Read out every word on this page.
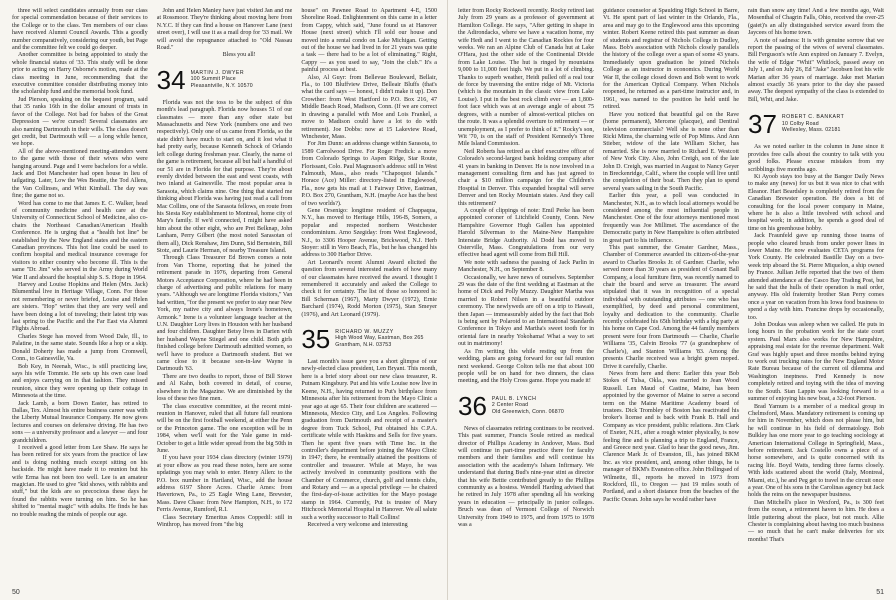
three will select candidates annually from our class for special commendation because of their services to the College or to the class. Ten members of our class have received Alumni Council Awards. This a goodly number comparatively, considering our youth, but Page and the committee felt we could go deeper.

Another committee is being appointed to study the whole financial status of '33. This study will be done prior to acting on Harry Osborne's motion, made at the class meeting in June, recommending that the executive committee consider distributing money into the scholarship fund and the memorial book fund.

Jud Pierson, speaking on the bequest program, said that 35 ranks 16th in the dollar amount of trusts in favor of the College. Not bad for babes of the Great Depression — we're cursed! Several classmates are also naming Dartmouth in their wills. The class doesn't get credit, but Dartmouth will — a long while hence, we hope.

All of the above-mentioned meeting-attenders went to the game with those of their wives who were hanging around. Page and I were bachelors for a while. Jack and Dot Manchester had open house in lieu of tailgating. Later, Low the Wes Beattie, the Tod Allens, the Van Collinses, and Whit Kimball. The day was fine; the game not so.

Word has come to me that James E. C. Walker, head of community medicine and health care at the University of Connecticut School of Medicine, also co-chairs the Northeast Canadian/American Health Conference. He is urging that a "health hot line" be established by the New England states and the eastern Canadian provinces. This hot line could be used to confirm hospital and medical insurance coverage for visitors to either country who become ill. This is the same "Dr. Jim" who served in the Army during World War II and aboard the hospital ship S. S. Hope in 1964.

Harvey and Louise Hopkins and Helen (Mrs. Jack) Blumenthal live in Heritage Village, Conn. For those not remembering or never briefed, Louise and Helen are sisters. "Hop" writes that they are very well and have been doing a lot of traveling; their latest trip was last spring to the Pacific and the Far East via Alumni Flights Abroad.

Charles Stege has moved from Wood Dale, Ill., to Palatine, in the same state. Sounds like a hop or a skip. Donald Doherty has made a jump from Cromwell, Conn., to Gainesville, Va.

Bob Key, in Neenah, Wisc., is still practicing law, says his wife Tommie. He sets up his own case load and enjoys carrying on in that fashion. They missed reunion, since they were opening up their cottage in Minnesota at the time.

Jack Lamb, a born Down Easter, has retired to Dallas, Tex. Almost his entire business career was with the Liberty Mutual Insurance Company. He now gives lectures and courses on defensive driving. He has two sons — a university professor and a lawyer — and four grandchildren.

I received a good letter from Lee Shaw. He says he has been retired for six years from the practice of law and is doing nothing much except sitting on his backside. He might have made it to reunion but his wife Erma has not been too well. Lee is an amateur magician. He used to give "kid shows, with rabbits and stuff," but the kids are so precocious these days he found the rabbits were turning on him. So he has shifted to "mental magic" with adults. He finds he has no trouble reading the minds of people our age.

John and Helen Manley have just visited Jan and me at Rossmoor. They're thinking about moving here from N.Y.C. If they can find a house on Hanover Lane (next street over), I will use it as a mail drop for '33 mail. We will avoid the repugnance attached to "Old Nassau Road."

Bless you all!

34 MARTIN J. DWYER
100 Summit Place
Pleasantville, N.Y. 10570

Florida was not the toss to be the subject of this month's lead paragraph. Florida now houses 51 of our classmates — more than any other state but Massachusetts and New York (numbers one and two respectively). Only one of us came from Florida, so the state didn't have much to start on, and it lost what it had pretty early, because Kenneth Schock of Orlando left college during freshman year. Clearly, the name of the game is retirement, because all but half a handful of our 51 are in Florida for that purpose. They're about evenly divided between the east and west coasts, with two inland at Gainesville. The most popular area is Sarasota, which claims nine. One thing that started me thinking about Florida was having just read a call from Mac Collins, one of the Sarasota fellows, en route from his Siesta Key establishment to Montreal, home city of Mary's family. If we'd connected, I might have asked him about the other eight, who are Pret Belknap, John Lanham, Perry Gilbert (the most noted Sarasotan of them all), Dick Renshaw, Jim Dunn, Sid Bernstein, Bill Stotz, and Laurie Herman, of nearby Treasure Island.

Through Class Treasurer Ed Brown comes a note from Van Thorne, reporting that he joined the retirement parade in 1976, departing from General Motors Acceptance Corporation, where he had been in charge of advertising and public relations for many years. "Although we are longtime Florida visitors," Van had written, "for the present we prefer to stay near New York, my native city and always Irene's hometown, Armonk." Irene is a volunteer language teacher at the U.N. Daughter Lory lives in Houston with her husband and four children. Daughter Betsy lives in Darien with her husband Wayne Stiegel and one child. Both girls finished college before Dartmouth admitted women, so we'll have to produce a Dartmouth student. But we came close to it because son-in-law Wayne is Dartmouth '63.

There are two deaths to report, those of Bill Stowe and Al Kahn, both covered in detail, of course, elsewhere in the Magazine. We are diminished by the loss of these two fine men.

The class executive committee, at the recent mini-reunion in Hanover, ruled that all future fall reunions will be on the first football weekend, at either the Penn or the Princeton game. The one exception will be in 1984, when we'll wait for the Yale game in mid-October to get a little wider spread from the big 50th in June.

If you have your 1934 class directory (winter 1979) at your elbow as you read these notes, here are some updatings you may wish to enter. Henry Allen: to the P.O. box number in Hartland, Wisc., add the house address 6197 Shore Acres. Charlie Ames: from Havertown, Pa., to 25 Eagle Wing Lane, Brewster, Mass. Dave Chase: from New Hampton, N.H., to 172 Ferris Avenue, Rumford, R.I.

Class Secretary Emeritus Amos Coppedil: still in Winthrop, has moved from "the big

house" on Pawnee Road to Apartment 4-E, 1500 Shoreline Road. Enlightenment on this came in a letter from Cappy, which said, "June found us at Hanover House (next street) which I'll sold our house and moved into a rental condo on Lake Michigan. Getting out of the house we had lived in for 21 years was quite a task — there had to be a lot of eliminating." Right, Cappy — as you used to say, "Join the club." It's a painful process at best.

Also, Al Guyr: from Bellevue Boulevard, Bellair, Fla., to 100 Bluffview Drive, Belleair Bluffs (that's what the card says — honest, I didn't make it up). Don Crowther: from West Hartford to P.O. Box 216, 47 Middle Beach Road, Madison, Conn. (If we are correct in drawing a parallel with Moe and Lois Frankel, a move to Madison could have a lot to do with retirement). Joe Dobbs: now at 15 Lakeview Road, Winchester, Mass.

For Jim Dunn: an address change within Sarasota, to 1589 Carrolwood Drive. For Roger Fredick: a move from Colorado Springs to Aspen Ridge, Star Route, Florissant, Colo. Paul Magnuson's address: still in West Falmouth, Mass., also reads "Chapoquoi Islands." Horace (Ace) Miller: directory-listed in Englewood, Fla., now gets his mail at 1 Fairway Drive, Eastman, P.O. Box 270, Grantham, N.H. (maybe Ace has the best of two worlds?).

Gene Orsenigo: longtime resident of Chappaqua, N.Y., has moved to Heritage Hills, 196-B, Somers, a popular and respected northern Westchester condominium. Arno Szegiday: from West Englewood, N.J., to 3306 Hooper Avenue, Brickwood, N.J. Herb Stoyer: still in Vero Beach, Fla., but he has changed his address to 300 Harbor Drive.

Art Leonard's recent Alumni Award elicited the question from several interested readers of how many of our classmates have received the award. I thought I remembered it accurately and asked the College to check it for certainty. The list of those so honored is: Bill Scherman (1967), Marty Dwyer (1972), Ernie Barchard (1974), Rodd Morton (1975), Stan Smeyer (1976), and Art Leonard (1979).

35 RICHARD W. MUZZY
High Wood Way, Eastman, Box 265
Grantham, N.H. 03753

Last month's issue gave you a short glimpse of our newly-elected class president, Len Bryant. This month, here is a brief story about our new class treasurer, R. Putnam Kingsbury. Put and his wife Louise now live in Keene, N.H., having returned to Put's birthplace from Minnesota after his retirement from the Mayo Clinic a year ago at age 65. Their four children are scattered — Minnesota, Mexico City, and Los Angeles. Following graduation from Dartmouth and receipt of a master's degree from Tuck School, Put obtained his C.P.A. certificate while with Haskins and Sells for five years. Then he spent five years with Time Inc. in the controller's department before joining the Mayo Clinic in 1947; there, he eventually attained the positions of controller and treasurer. While at Mayo, he was actively involved in community positions with the Chamber of Commerce, church, golf and tennis clubs, and Rotary and — as a special privilege — he chaired the first-day-of-issue activities for the Mayo postage stamp in 1964. Currently, Put is trustee of Mary Hitchcock Memorial Hospital in Hanover. We all salute such a worthy successor to Hall Collins!

Received a very welcome and interesting

50

letter from Rocky Rockwell recently. Rocky retired last July from 29 years as a professor of government at Hamilton College. He says, "After getting in shape in the Adirondacks, where we have a vacation home, my wife Hedi and I went to the Canadian Rockies for four weeks. We ran an Alpine Club of Canada hut at Lake O'Hara, just the other side of the Continental Divide from Lake Louise. The hut is ringed by mountains 9,000 to 11,000 feet high. We put in a lot of climbing. Thanks to superb weather, Heidi pulled off a real tour de force by traversing the entire ridge of Mt. Victoria (which is the mountain in the classic view from Lake Louise). I put in the best rock climb ever — an 1,800-foot face which was at an average angle of about 75 degrees, with a number of almost-vertical pitches on the route. It was a splendid overture to retirement — or unemployment, as I prefer to think of it." Rocky's son, Wit '70, is on the staff of President Kennedy's Three Mile Island Commission.

Neil Roberts has retired as chief executive officer of Colorado's second-largest bank holding company after 41 years in banking in Denver. He is now involved in a management consulting firm and has just agreed to chair a $10 million campaign for the Children's Hospital in Denver. This expanded hospital will serve Denver and ten Rocky Mountain states. And they call this retirement?

A couple of clippings of note: Emil Perke has been appointed coroner of Litchfield County, Conn. New Hampshire Governor Hugh Gallen has appointed Harold Silverman to the Maine-New Hampshire Interstate Bridge Authority. Al Dodd has moved to Osterville, Mass. Congratulations from our very effective head agent will come from Bill Hill.

We note with sadness the passing of Jack Parlin in Manchester, N.H., on September 8.

Occasionally, we have news of ourselves. September 29 was the date of the first wedding at Eastman at the home of Dick and Polly Muzzy. Daughter Martha was married to Robert Nilsen in a beautiful outdoor ceremony. The newlyweds are off on a trip to Hawaii, then Japan — immeasurably aided by the fact that Bob is being sent by Polaroid to an International Standards Conference in Tokyo and Martha's sweet tooth for in oriental fare in nearby Yokohama! What a way to set out in matrimony!

As I'm writing this while resting up from the wedding, plans are going forward for our fall reunion next weekend. George Colton tells me that about 100 people will be on hand for two dinners, the class meeting, and the Holy Cross game. Hope you made it!

36 PAUL B. LYNCH
2 Center Road
Old Greenwich, Conn. 06870

News of classmates retiring continues to be received. This past summer, Francis Soule retired as medical director of Phillips Academy in Andover, Mass. Bud will continue in part-time practice there for faculty members and their families and will continue his association with the academy's Isham Infirmary. We understand that during Bud's nine-year stint as director that his wife Bettie contributed greatly to the Phillips community as a hostess. Wendell Harding advised that he retired in July 1978 after spending all his working years in education — principally in junior colleges. Bruch was dean of Vermont College of Norwich University from 1949 to 1975, and from 1975 to 1978 was a

guidance counselor at Spaulding High School in Barre, Vt. He spent part of last winter in the Orlando, Fla., area and may go to the Englewood area this upcoming winter. Robert Keene retired this past summer as dean of students and registrar of Nichols College in Dudley, Mass. Bob's association with Nichols closely parallels the history of the college over a span of some 43 years. Immediately upon graduation he joined Nichols College as an instructor in economics. During World War II, the college closed down and Bob went to work for the American Optical Company. When Nichols reopened, he returned as a part-time instructor and, in 1961, was named to the position he held until he retired.

Have you noticed that beautiful gal on the Rave (home permanent), Mercene (placque), and Dentiral television commercials? Well she is none other than Ricki Mims, the charming wife of Pop Mims. And Ann Stieber, widow of the late William Sicher, has remarried. She is now married to Richard E. Westcott of New York City. Also, John Creigh, son of the late John D. Creigh, was married in August to Nancy Geyer in Breckenridge, Calif., where the couple will live until the completion of their boat. Then they plan to spend several years sailing in the South Pacific.

Earlier this year, a poll was conducted in Manchester, N.H., as to which local attorneys would be considered among the most influential people in Manchester. One of the four attorneys mentioned most frequently was Joe Millimet. The ascendance of the Democratic party in New Hampshire is often attributed in great part to his influence.

This past summer, the Greater Gardner, Mass., Chamber of Commerce awarded its citizen-of-the-year award to Charles Brooks Jr. of Gardner. Charlie, who served more than 30 years as president of Conant Ball Company, a local furniture firm, was recently named to chair the board and serve as treasurer. The award stipulated that it was in recognition of a special individual with outstanding attributes — one who has exemplified, by deed and personal commitment, loyalty and dedication to the community. Charlie recently celebrated his 65th birthday with a big party at his home on Cape Cod. Among the 44 family members present were four from Dartmouth — Charlie, Charlie Williams '35, Calvin Brooks '77 (a grandnephew of Charlie's), and Stanton Williams '83. Among the presents Charlie received was a bright green moped. Drive it carefully, Charlie.

News from here and there: Earlier this year Bob Stokes of Tulsa, Okla., was married to Jean Wood Russell. Len Maud of Castine, Maine, has been appointed by the governor of Maine to serve a second term on the Maine Maritime Academy board of trustees. Dick Trombley of Boston has reactivated his broker's license and is back with Frank B. Hall and Company as vice president, public relations. Jim Clark of Exeter, N.H., after a rough winter physically, is now feeling fine and is planning a trip to England, France, and Greece next year. Glad to hear the good news, Jim. Clarence Mark Jr. of Evanston, Ill., has joined BKM Inc. as vice president, and, among other things, he is manager of BKM's Evanston office. John Hollingsed of Wilmette, Ill., reports he moved in 1973 from Rockford, Ill., to Oregon — just 19 miles south of Portland, and a short distance from the beaches of the Pacific Ocean. John says he would rather have

rain than snow any time! And a few months ago, Walt Mosenthal of Chagrin Falls, Ohio, received the over-25 (gaiet)'s an ally distinguished service award from the Jaycees of his home town.

A note of sadness: It is with genuine sorrow that we report the passing of the wives of several classmates. Bill Ferguson's wife Ann expired on January 7. Evelyn, the wife of Edgar "Whit" Whitlock, passed away on July 1, and on July 26, Ed "Jake" Jacobsen lost his wife Marian after 36 years of marriage. Jake met Marian almost exactly 36 years prior to the day she passed away. The deepest sympathy of the class is extended to Bill, Whit, and Jake.

37 ROBERT C. BANKART
10 Colby Road
Wellesley, Mass. 02181

As we noted earlier in the column in June since it provides free calls about the country to talk with you good folks. Please excuse mistakes from my scribblings five months ago.

Ki Ayoob stays too busy at the Bangor Daily News to make any (news) for us but it was nice to chat with Eleanor. Hart Beardsley is completely retired from the Canadian Brewster operation. He does a bit of consulting for the local power company in Maine, where he is also a little involved with school and hospital work; in addition, he spends a good deal of time on his greenhouse hobby.

Jack Fraunfeld gave up running those teams of people who cleared brush from under power lines in lower Maine. He now evaluates CETA programs for York County. He celebrated Bastille Day on a two-week trip aboard the St. Pierre Miquelon, a ship owned by France. Jullian Jeffe reported that the two of them attended attendance at the Casco Bay Trading Post, but he said that the hulls of their operation is mail order, anyway. His old fraternity brother Stan Perry comes once a year on vacation from his Iowa food business to spend a day with him. Francine drops by occasionally, too.

John Doukas was asleep when we called. He puts in long hours in the probation work for the state court system. Paul Marx also works for New Hampshire, appraising real estate for the revenue department. Walt Graf was highly upset and three months behind trying to work out trucking rates for the New England Motor Rate Bureau because of the current oil dilemma and Washington ineptness. Fred Kennedy is now completely retired and toying with the idea of moving to the South. Stan Lappin was looking forward to a summer of enjoying his new boat, a 32-foot Pierson.

Brad Yarnum is a member of a medical group in Chelmsford, Mass. Mandatory retirement is coming up for him in November, which does not please him, but he will continue in his field of dermatology. Bob Bulkley has one more year to go teaching sociology at American International College in Springfield, Mass., before retirement. Jack Costello owns a piece of a horse somewhere, and is quite concerned with its racing life. Boyd Watts, tending three farms closely. With kids scattered about the world (Italy, Montreal, Miami, etc.), he and Peg get to travel in the circuit once a year. One of his sons in the Carolinas agency but Jack holds the reins on the newspaper business.

Dan Mitchell's place in Wexford, Pa., is 300 feet from the ocean, a retirement haven to him. He does a little puttering about the place, but not much. Allie Chester is complaining about having too much business — so much that he can't make deliveries for six months! That's

51
